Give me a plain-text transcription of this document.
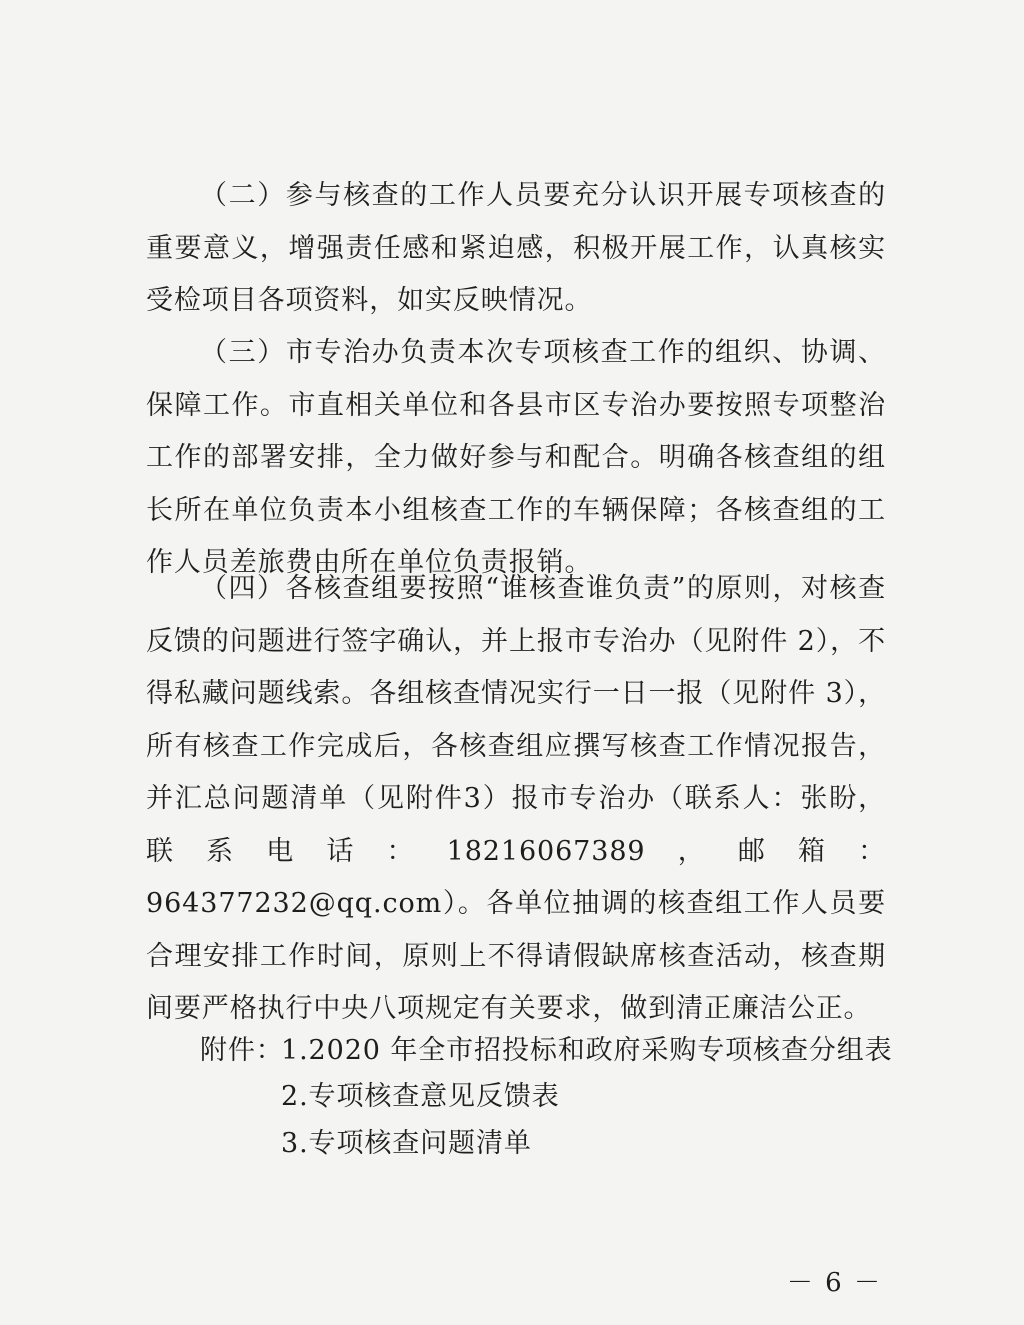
（二）参与核查的工作人员要充分认识开展专项核查的重要意义，增强责任感和紧迫感，积极开展工作，认真核实受检项目各项资料，如实反映情况。

（三）市专治办负责本次专项核查工作的组织、协调、保障工作。市直相关单位和各县市区专治办要按照专项整治工作的部署安排，全力做好参与和配合。明确各核查组的组长所在单位负责本小组核查工作的车辆保障；各核查组的工作人员差旅费由所在单位负责报销。

（四）各核查组要按照“谁核查谁负责”的原则，对核查反馈的问题进行签字确认，并上报市专治办（见附件 2），不得私藏问题线索。各组核查情况实行一日一报（见附件 3），所有核查工作完成后，各核查组应撰写核查工作情况报告，并汇总问题清单（见附件3）报市专治办（联系人：张盼，联系电话：18216067389，邮箱：964377232@qq.com）。各单位抽调的核查组工作人员要合理安排工作时间，原则上不得请假缺席核查活动，核查期间要严格执行中央八项规定有关要求，做到清正廉洁公正。

附件：
1.2020 年全市招投标和政府采购专项核查分组表
2.专项核查意见反馈表
3.专项核查问题清单
－ 6 －
